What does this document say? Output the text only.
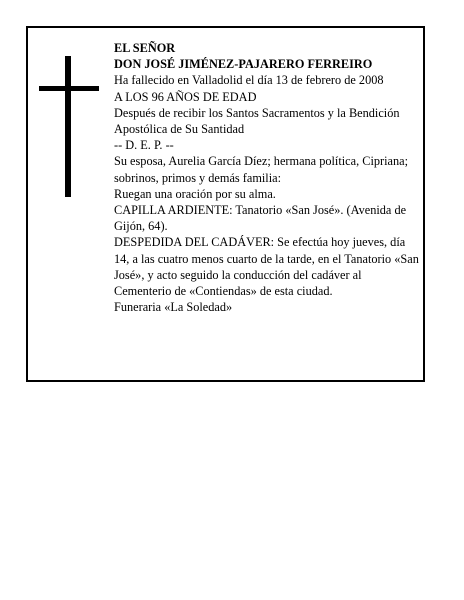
EL SEÑOR

DON JOSÉ JIMÉNEZ-PAJARERO FERREIRO

Ha fallecido en Valladolid el día 13 de febrero de 2008

A LOS 96 AÑOS DE EDAD

Después de recibir los Santos Sacramentos y la Bendición Apostólica de Su Santidad

-- D. E. P. --

Su esposa, Aurelia García Díez; hermana política, Cipriana; sobrinos, primos y demás familia:

Ruegan una oración por su alma.

CAPILLA ARDIENTE: Tanatorio «San José». (Avenida de Gijón, 64).

DESPEDIDA DEL CADÁVER: Se efectúa hoy jueves, día 14, a las cuatro menos cuarto de la tarde, en el Tanatorio «San José», y acto seguido la conducción del cadáver al Cementerio de «Contiendas» de esta ciudad.

Funeraria «La Soledad»
